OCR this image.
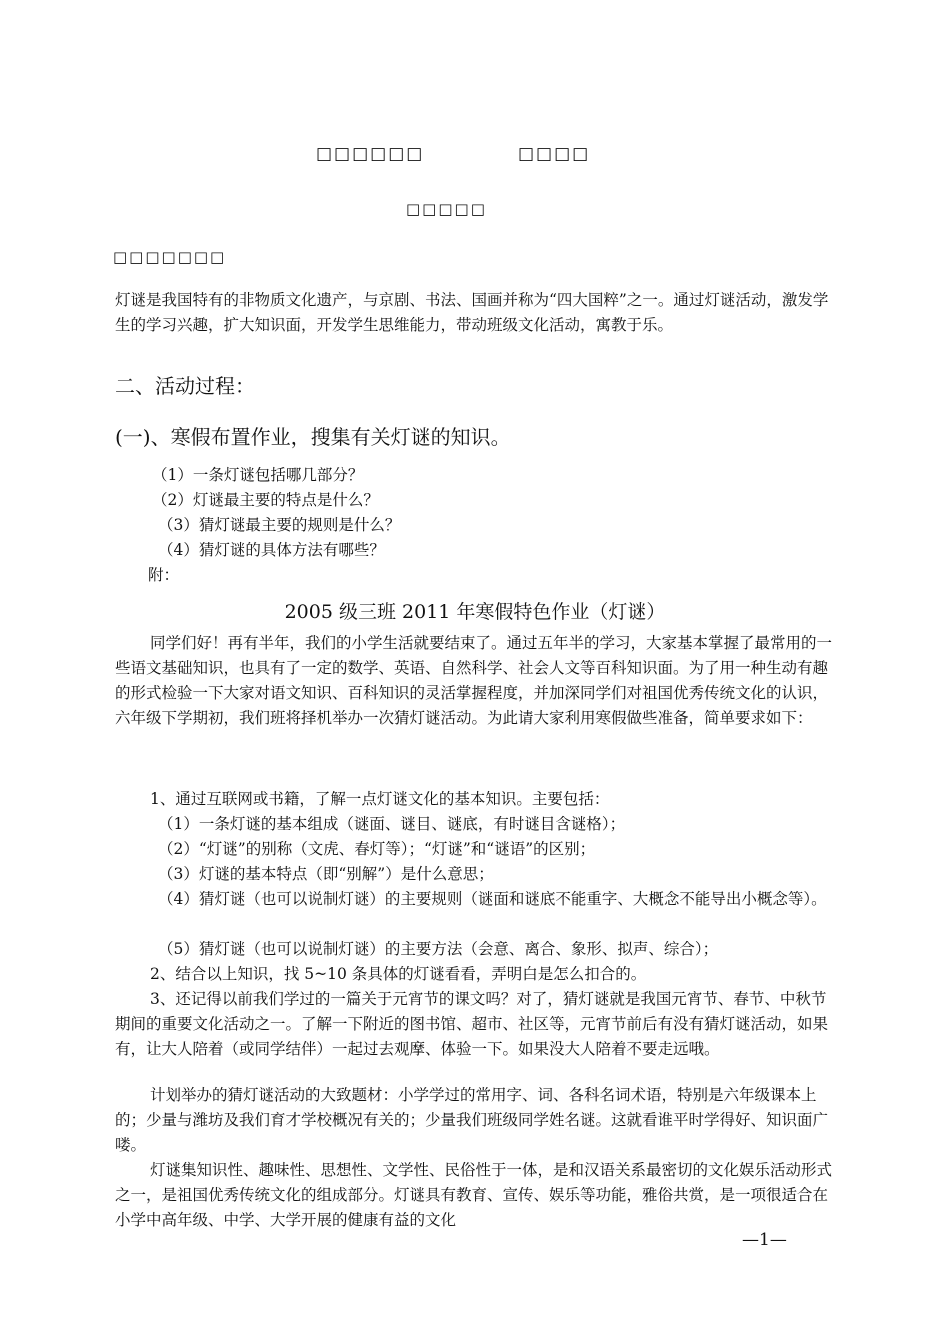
□□□□□□	□□□□
□□□□□
□□□□□□□
灯谜是我国特有的非物质文化遗产，与京剧、书法、国画并称为“四大国粹”之一。通过灯谜活动，激发学生的学习兴趣，扩大知识面，开发学生思维能力，带动班级文化活动，寓教于乐。
二、活动过程：
(一)、寒假布置作业，搜集有关灯谜的知识。
（1）一条灯谜包括哪几部分？
（2）灯谜最主要的特点是什么？
（3）猜灯谜最主要的规则是什么？
（4）猜灯谜的具体方法有哪些？
附：
2005 级三班 2011 年寒假特色作业（灯谜）
同学们好！再有半年，我们的小学生活就要结束了。通过五年半的学习，大家基本掌握了最常用的一些语文基础知识，也具有了一定的数学、英语、自然科学、社会人文等百科知识面。为了用一种生动有趣的形式检验一下大家对语文知识、百科知识的灵活掌握程度，并加深同学们对祖国优秀传统文化的认识，六年级下学期初，我们班将择机举办一次猜灯谜活动。为此请大家利用寒假做些准备，简单要求如下：
1、通过互联网或书籍，了解一点灯谜文化的基本知识。主要包括：
（1）一条灯谜的基本组成（谜面、谜目、谜底，有时谜目含谜格）；
（2）“灯谜”的别称（文虎、春灯等）；“灯谜”和“谜语”的区别；
（3）灯谜的基本特点（即“别解”）是什么意思；
（4）猜灯谜（也可以说制灯谜）的主要规则（谜面和谜底不能重字、大概念不能导出小概念等）。
（5）猜灯谜（也可以说制灯谜）的主要方法（会意、离合、象形、拟声、综合）；
2、结合以上知识，找 5~10 条具体的灯谜看看，弄明白是怎么扣合的。
3、还记得以前我们学过的一篇关于元宵节的课文吗？对了，猜灯谜就是我国元宵节、春节、中秋节期间的重要文化活动之一。了解一下附近的图书馆、超市、社区等，元宵节前后有没有猜灯谜活动，如果有，让大人陪着（或同学结伴）一起过去观摩、体验一下。如果没大人陪着不要走远哦。
计划举办的猜灯谜活动的大致题材：小学学过的常用字、词、各科名词术语，特别是六年级课本上的；少量与潍坊及我们育才学校概况有关的；少量我们班级同学姓名谜。这就看谁平时学得好、知识面广喽。
灯谜集知识性、趣味性、思想性、文学性、民俗性于一体，是和汉语关系最密切的文化娱乐活动形式之一，是祖国优秀传统文化的组成部分。灯谜具有教育、宣传、娱乐等功能，雅俗共赏，是一项很适合在小学中高年级、中学、大学开展的健康有益的文化
—1—
